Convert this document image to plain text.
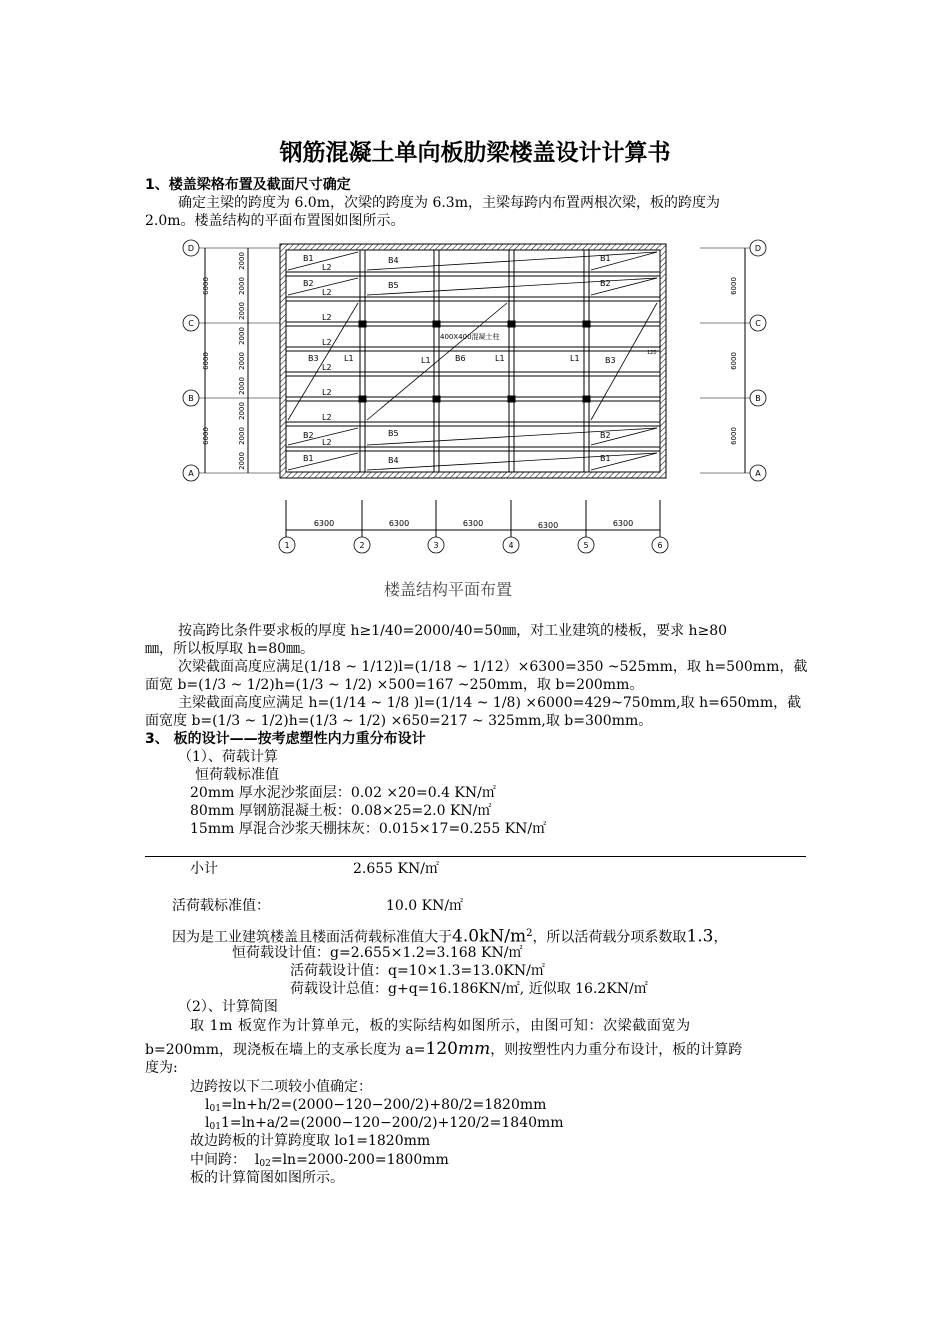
钢筋混凝土单向板肋梁楼盖设计计算书
1、楼盖梁格布置及截面尺寸确定
确定主梁的跨度为 6.0m，次梁的跨度为 6.3m，主梁每跨内布置两根次梁，板的跨度为
2.0m。楼盖结构的平面布置图如图所示。
D
C
B
A
D
C
B
A
1	2	3	4	5	6
6300	6300	6300	6300	6300
6000
6000
6000
6000
6000
6000
2000
2000
2000
2000
2000
2000
2000
2000
2000
B1
L2
B4	B1
B2
L2
B5	B2
L2
L2
400X400混凝土柱
B3	L1	L1	B6	L1	L1	B3
120
L2
L2
L2
B2
L2
B5	B2
B1	B4	B1
楼盖结构平面布置
按高跨比条件要求板的厚度 h≥1/40=2000/40=50㎜，对工业建筑的楼板，要求 h≥80
㎜，所以板厚取 h=80㎜。
次梁截面高度应满足(1/18 ~ 1/12)l=(1/18 ~ 1/12）×6300=350 ~525mm，取 h=500mm，截
面宽 b=(1/3 ~ 1/2)h=(1/3 ~ 1/2) ×500=167 ~250mm，取 b=200mm。
主梁截面高度应满足 h=(1/14 ~ 1/8 )l=(1/14 ~ 1/8) ×6000=429~750mm,取 h=650mm，截
面宽度 b=(1/3 ~ 1/2)h=(1/3 ~ 1/2) ×650=217 ~ 325mm,取 b=300mm。
3、 板的设计——按考虑塑性内力重分布设计
（1）、荷载计算
恒荷载标准值
20mm 厚水泥沙浆面层：0.02 ×20=0.4 KN/㎡
80mm 厚钢筋混凝土板：0.08×25=2.0 KN/㎡
15mm 厚混合沙浆天棚抹灰：0.015×17=0.255 KN/㎡
小计	2.655 KN/㎡
活荷载标准值：	10.0 KN/㎡
因为是工业建筑楼盖且楼面活荷载标准值大于$4.0kN/m^2$，所以活荷载分项系数取1.3，
恒荷载设计值：g=2.655×1.2=3.168 KN/㎡
活荷载设计值：q=10×1.3=13.0KN/㎡
荷载设计总值：g+q=16.186KN/㎡, 近似取 16.2KN/㎡
（2）、计算简图
取 1m 板宽作为计算单元，板的实际结构如图所示，由图可知：次梁截面宽为
b=200mm，现浇板在墙上的支承长度为 a=120mm，则按塑性内力重分布设计，板的计算跨
度为:
边跨按以下二项较小值确定：
$l_{01}=\ln+h/2=(2000-120-200/2)+80/2=1820mm$
$l_{01}1=\ln+a/2=(2000-120-200/2)+120/2=1840mm$
故边跨板的计算跨度取 lo1=1820mm
中间跨： $l_{02}=\ln=2000-200=1800mm$
板的计算简图如图所示。
